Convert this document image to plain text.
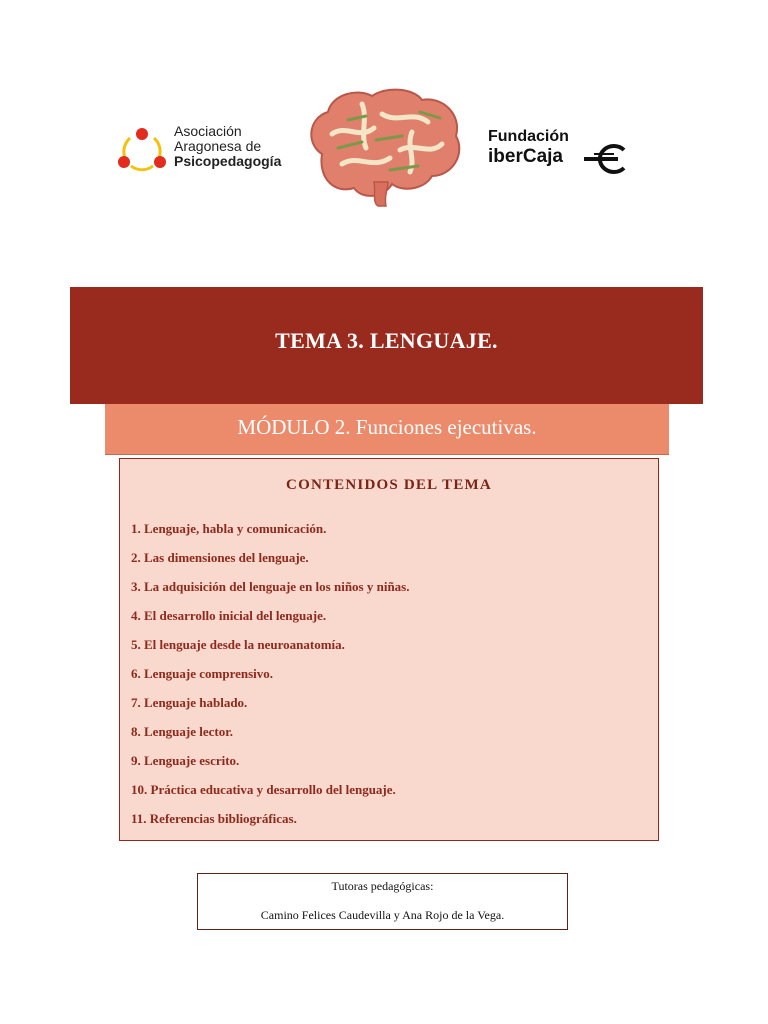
Asociación
Aragonesa de
Psicopedagogía
Fundación
iberCaja
TEMA 3. LENGUAJE.
MÓDULO 2. Funciones ejecutivas.
CONTENIDOS DEL TEMA
1. Lenguaje, habla y comunicación.
2. Las dimensiones del lenguaje.
3. La adquisición del lenguaje en los niños y niñas.
4. El desarrollo inicial del lenguaje.
5. El lenguaje desde la neuroanatomía.
6. Lenguaje comprensivo.
7. Lenguaje hablado.
8. Lenguaje lector.
9. Lenguaje escrito.
10. Práctica educativa y desarrollo del lenguaje.
11. Referencias bibliográficas.
Tutoras pedagógicas:
Camino Felices Caudevilla y Ana Rojo de la Vega.
